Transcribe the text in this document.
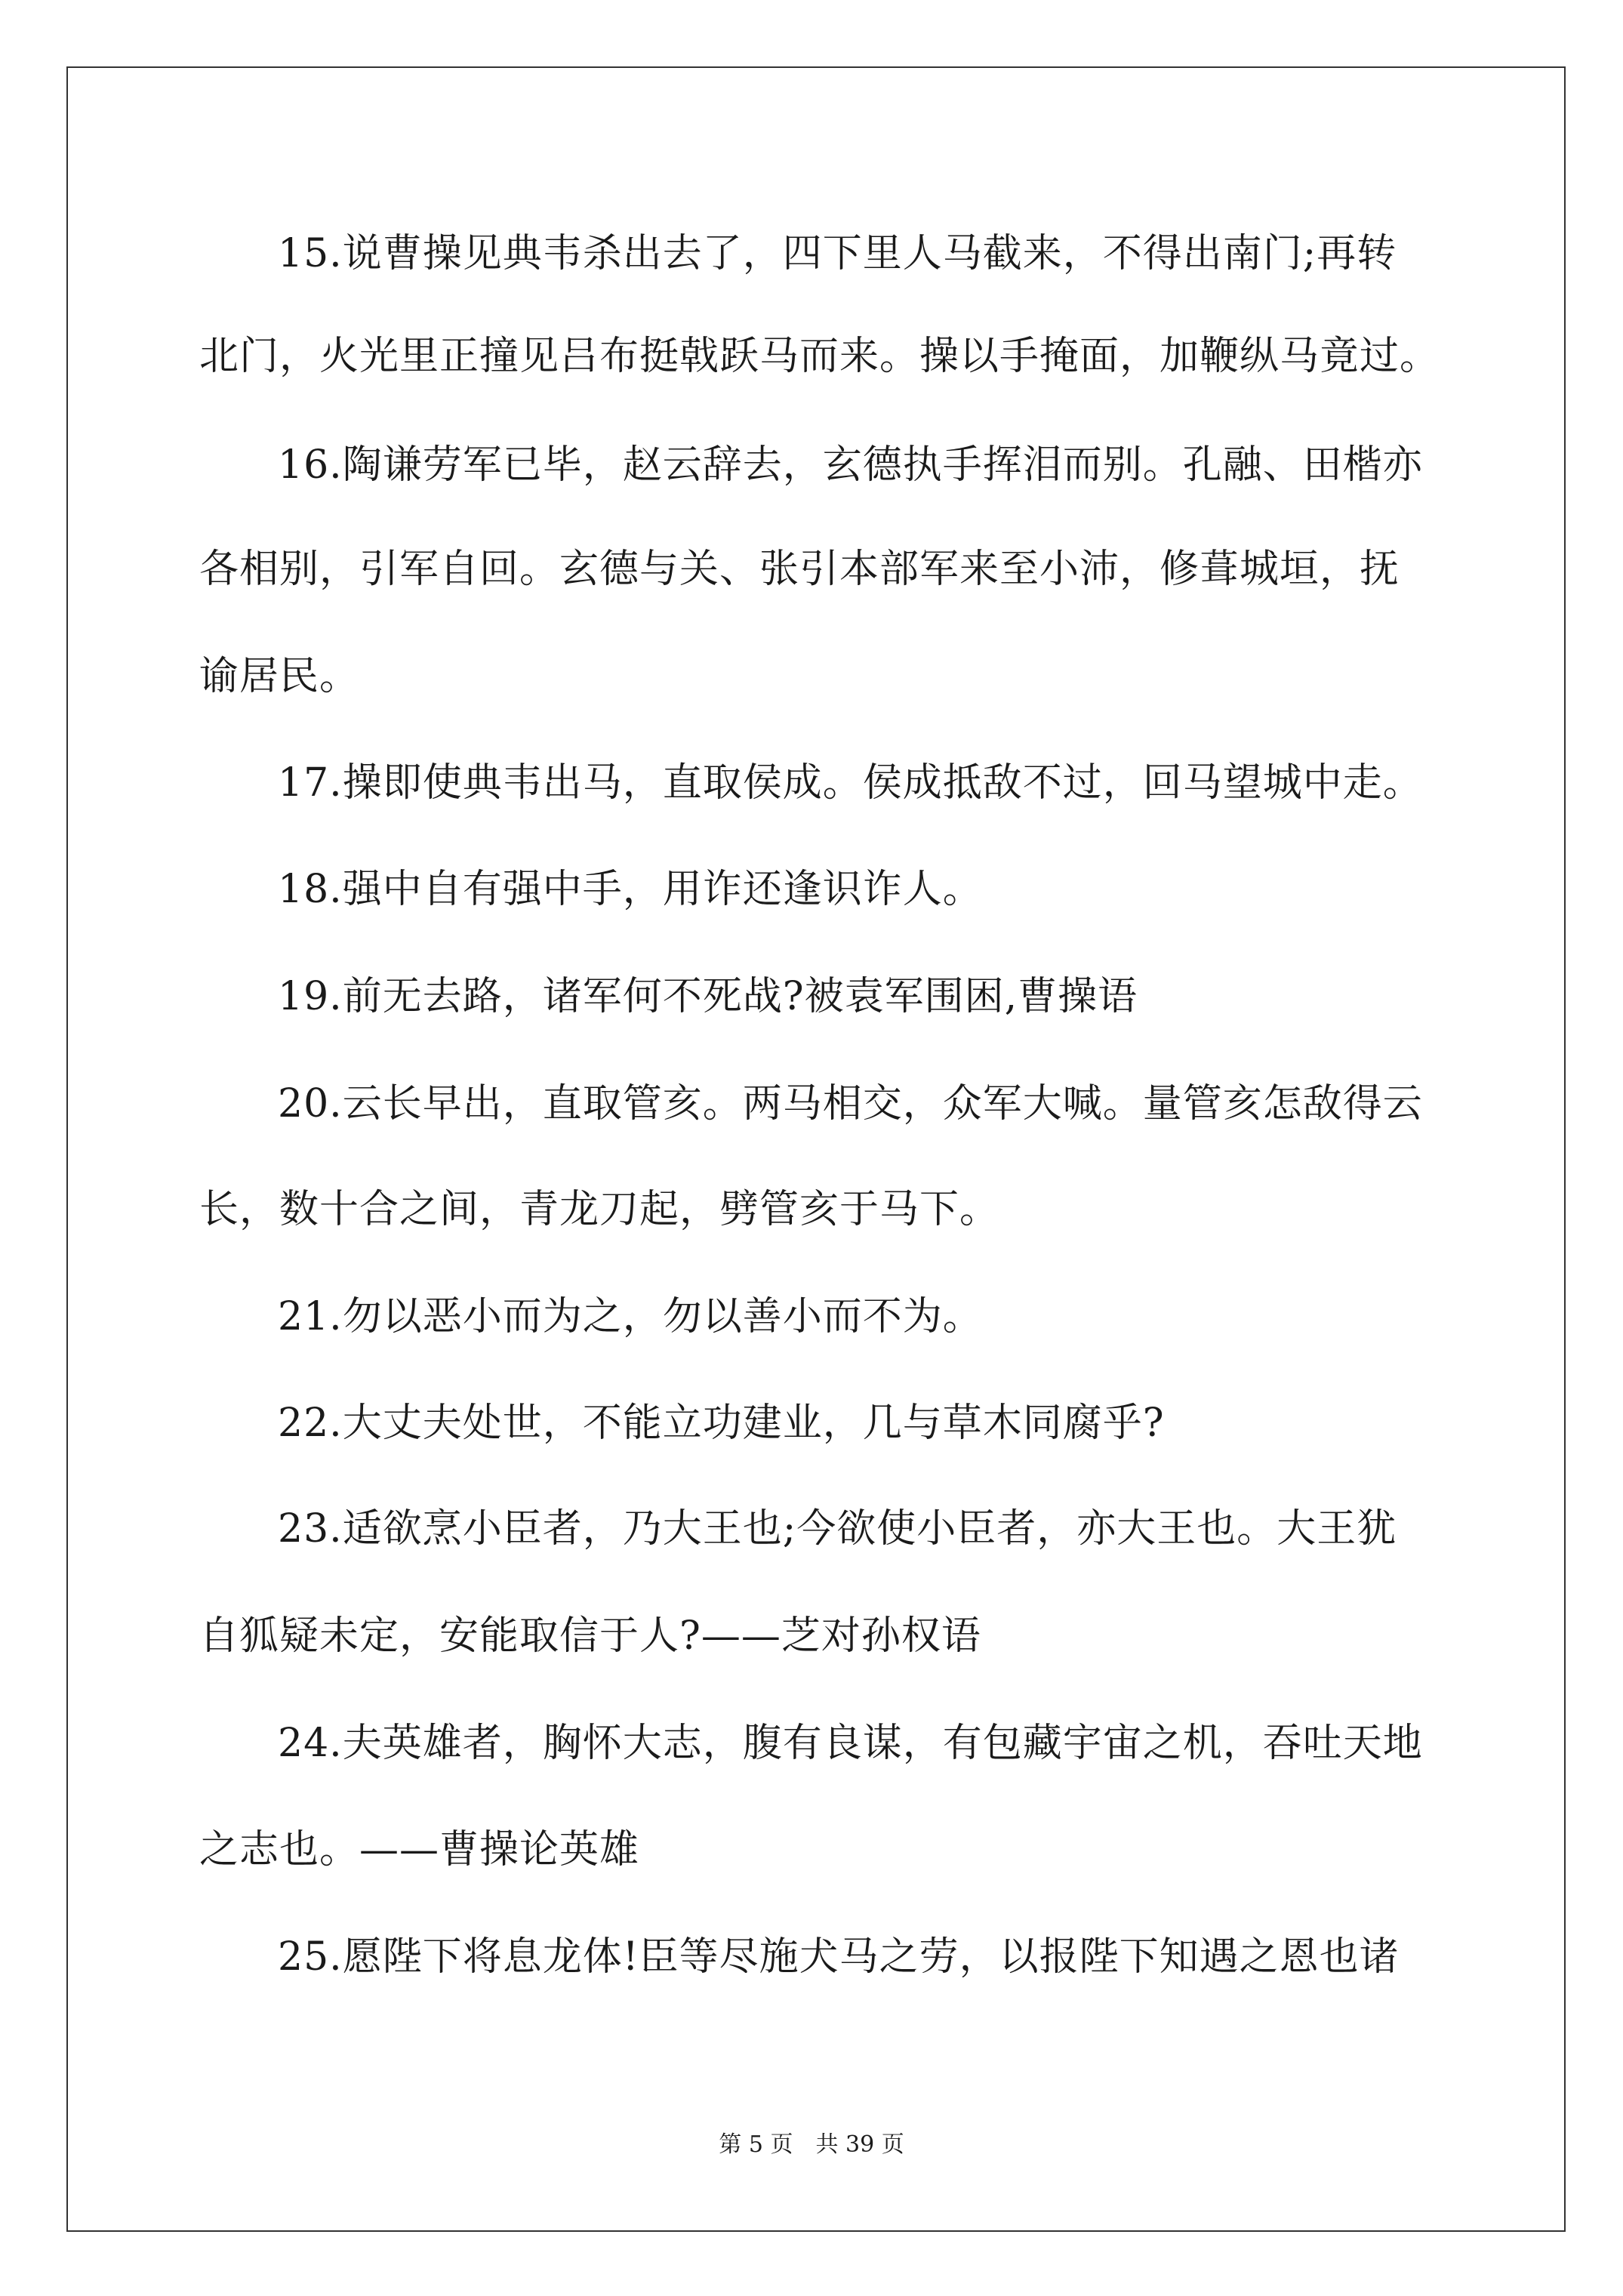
15.说曹操见典韦杀出去了，四下里人马截来，不得出南门;再转
北门，火光里正撞见吕布挺戟跃马而来。操以手掩面，加鞭纵马竟过。
16.陶谦劳军已毕，赵云辞去，玄德执手挥泪而别。孔融、田楷亦
各相别，引军自回。玄德与关、张引本部军来至小沛，修葺城垣，抚
谕居民。
17.操即使典韦出马，直取侯成。侯成抵敌不过，回马望城中走。
18.强中自有强中手，用诈还逢识诈人。
19.前无去路，诸军何不死战?被袁军围困,曹操语
20.云长早出，直取管亥。两马相交，众军大喊。量管亥怎敌得云
长，数十合之间，青龙刀起，劈管亥于马下。
21.勿以恶小而为之，勿以善小而不为。
22.大丈夫处世，不能立功建业，几与草木同腐乎?
23.适欲烹小臣者，乃大王也;今欲使小臣者，亦大王也。大王犹
自狐疑未定，安能取信于人?——芝对孙权语
24.夫英雄者，胸怀大志，腹有良谋，有包藏宇宙之机，吞吐天地
之志也。——曹操论英雄
25.愿陛下将息龙体!臣等尽施犬马之劳，以报陛下知遇之恩也诸
第 5 页 共 39 页
